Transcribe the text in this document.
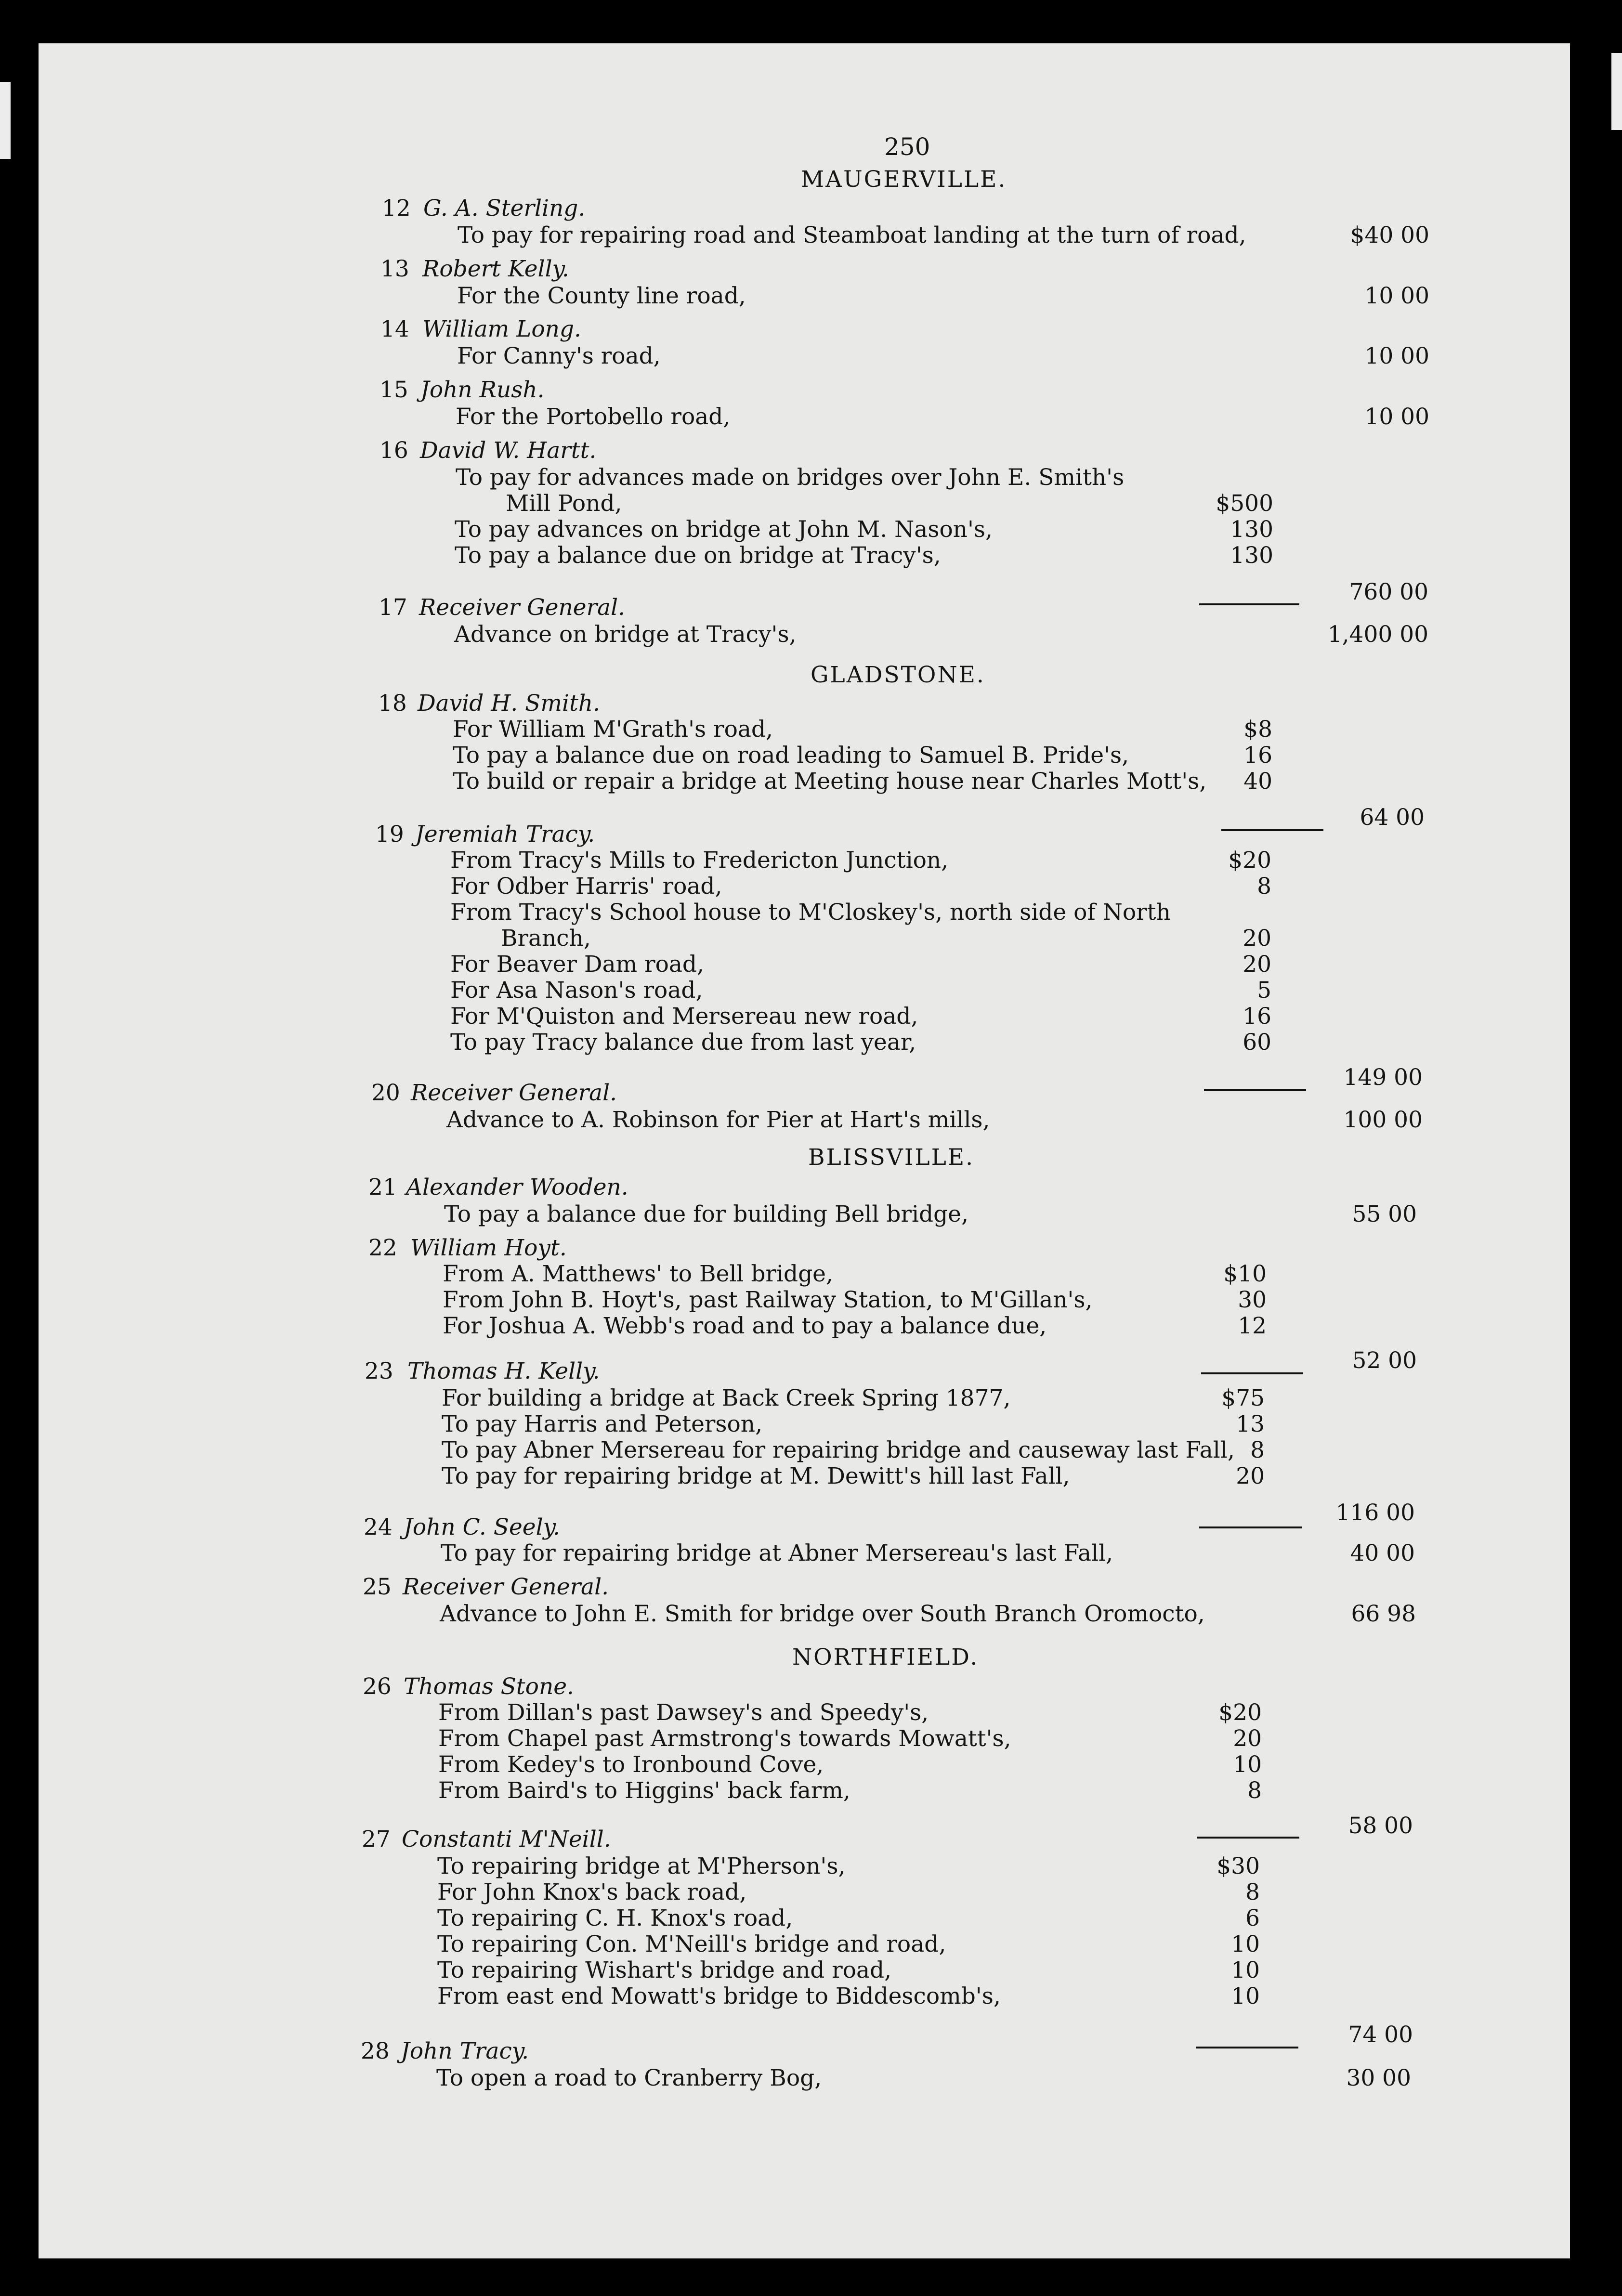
250
MAUGERVILLE.
12 G. A. Sterling.
To pay for repairing road and Steamboat landing at the turn of road,	$40 00
13 Robert Kelly.
For the County line road,	10 00
14 William Long.
For Canny's road,	10 00
15 John Rush.
For the Portobello road,	10 00
16 David W. Hartt.
To pay for advances made on bridges over John E. Smith's
Mill Pond,	$500
To pay advances on bridge at John M. Nason's,	130
To pay a balance due on bridge at Tracy's,	130
760 00
17 Receiver General.
Advance on bridge at Tracy's,	1,400 00
GLADSTONE.
18 David H. Smith.
For William M'Grath's road,	$8
To pay a balance due on road leading to Samuel B. Pride's,	16
To build or repair a bridge at Meeting house near Charles Mott's, 40
64 00
19 Jeremiah Tracy.
From Tracy's Mills to Fredericton Junction,	$20
For Odber Harris' road,	8
From Tracy's School house to M'Closkey's, north side of North
Branch,	20
For Beaver Dam road,	20
For Asa Nason's road,	5
For M'Quiston and Mersereau new road,	16
To pay Tracy balance due from last year,	60
149 00
20 Receiver General.
Advance to A. Robinson for Pier at Hart's mills,	100 00
BLISSVILLE.
21 Alexander Wooden.
To pay a balance due for building Bell bridge,	55 00
22 William Hoyt.
From A. Matthews' to Bell bridge,	$10
From John B. Hoyt's, past Railway Station, to M'Gillan's,	30
For Joshua A. Webb's road and to pay a balance due,	12
52 00
23 Thomas H. Kelly.
For building a bridge at Back Creek Spring 1877,	$75
To pay Harris and Peterson,	13
To pay Abner Mersereau for repairing bridge and causeway last Fall, 8
To pay for repairing bridge at M. Dewitt's hill last Fall,	20
116 00
24 John C. Seely.
To pay for repairing bridge at Abner Mersereau's last Fall,	40 00
25 Receiver General.
Advance to John E. Smith for bridge over South Branch Oromocto,	66 98
NORTHFIELD.
26 Thomas Stone.
From Dillan's past Dawsey's and Speedy's,	$20
From Chapel past Armstrong's towards Mowatt's,	20
From Kedey's to Ironbound Cove,	10
From Baird's to Higgins' back farm,	8
58 00
27 Constanti M'Neill.
To repairing bridge at M'Pherson's,	$30
For John Knox's back road,	8
To repairing C. H. Knox's road,	6
To repairing Con. M'Neill's bridge and road,	10
To repairing Wishart's bridge and road,	10
From east end Mowatt's bridge to Biddescomb's,	10
74 00
28 John Tracy.
To open a road to Cranberry Bog,	30 00
